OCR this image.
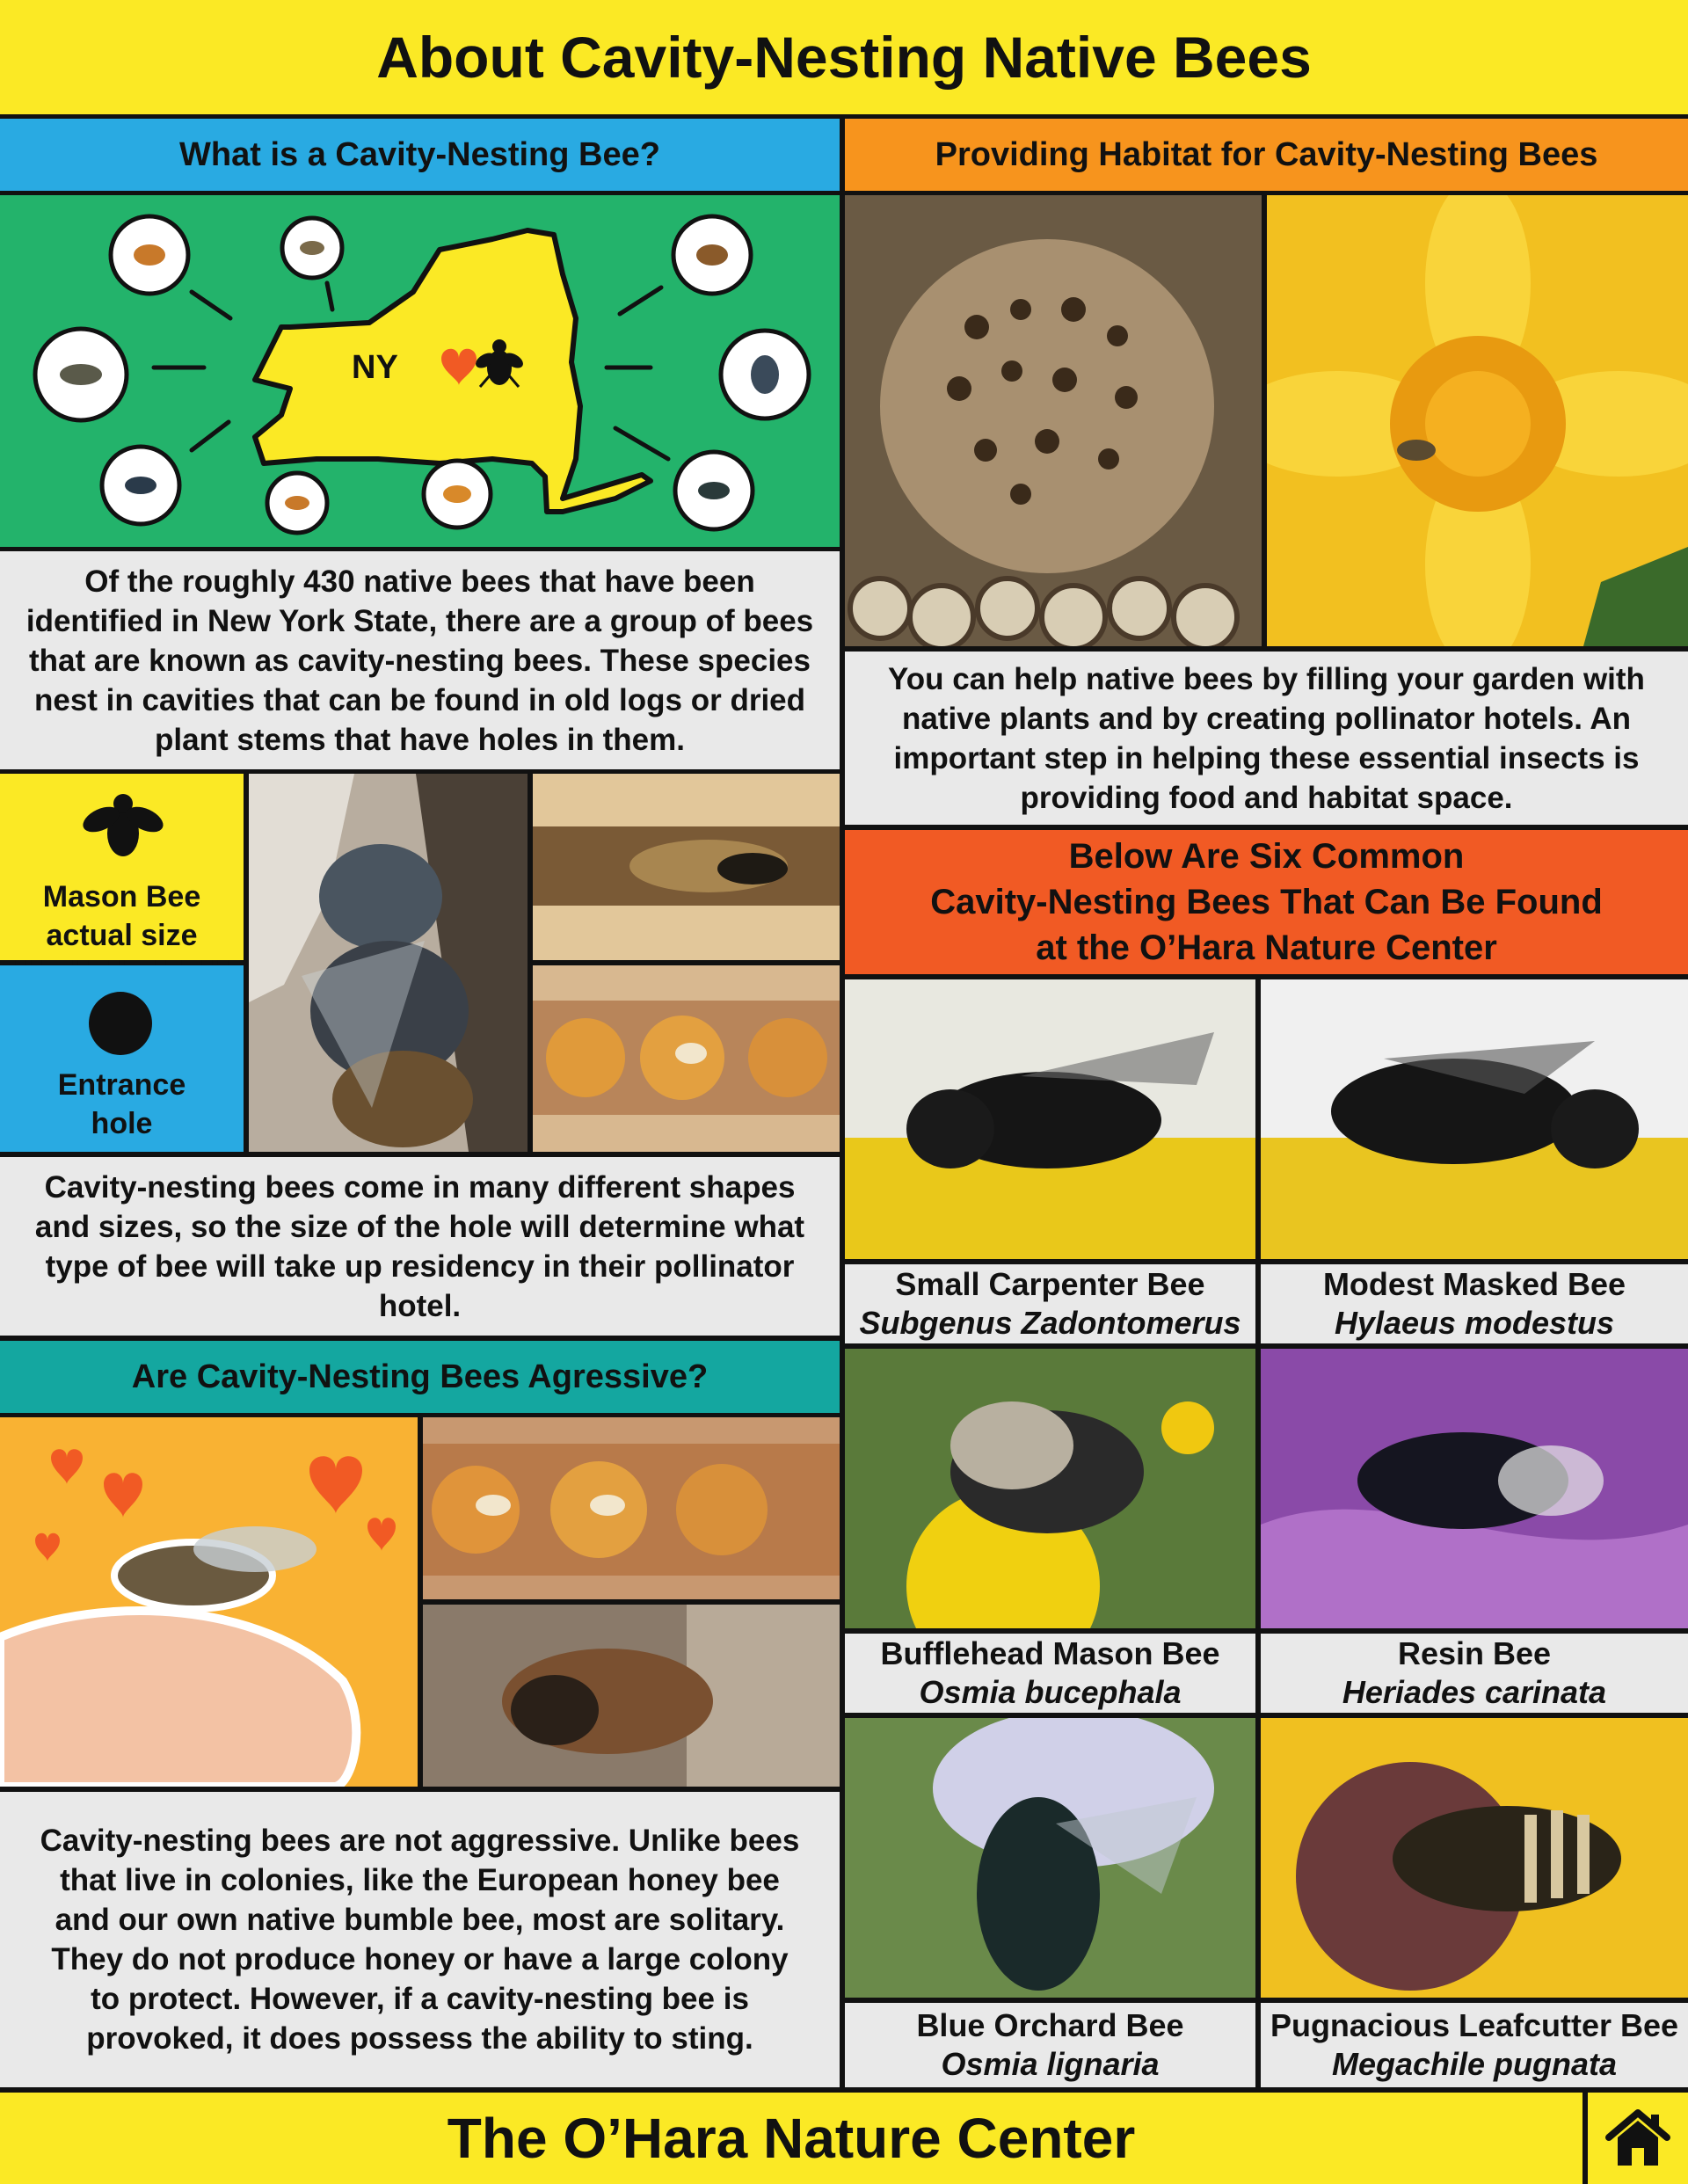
About Cavity-Nesting Native Bees
What is a Cavity-Nesting Bee?
NY
Of the roughly 430 native bees that have been identified in New York State, there are a group of bees that are known as cavity-nesting bees. These species nest in cavities that can be found in old logs or dried plant stems that have holes in them.
Mason Bee
actual size
Entrance
hole
Cavity-nesting bees come in many different shapes and sizes, so the size of the hole will determine what type of bee will take up residency in their pollinator hotel.
Are Cavity-Nesting Bees Agressive?
Cavity-nesting bees are not aggressive. Unlike bees that live in colonies, like the European honey bee and our own native bumble bee, most are solitary. They do not produce honey or have a large colony to protect. However, if a cavity-nesting bee is provoked, it does possess the ability to sting.
Providing Habitat for Cavity-Nesting Bees
You can help native bees by filling your garden with native plants and by creating pollinator hotels. An important step in helping these essential insects is providing food and habitat space.
Below Are Six Common
Cavity-Nesting Bees That Can Be Found
at the O’Hara Nature Center
Small Carpenter Bee
Subgenus Zadontomerus
Modest Masked Bee
Hylaeus modestus
Bufflehead Mason Bee
Osmia bucephala
Resin Bee
Heriades carinata
Blue Orchard Bee
Osmia lignaria
Pugnacious Leafcutter Bee
Megachile pugnata
The O’Hara Nature Center
